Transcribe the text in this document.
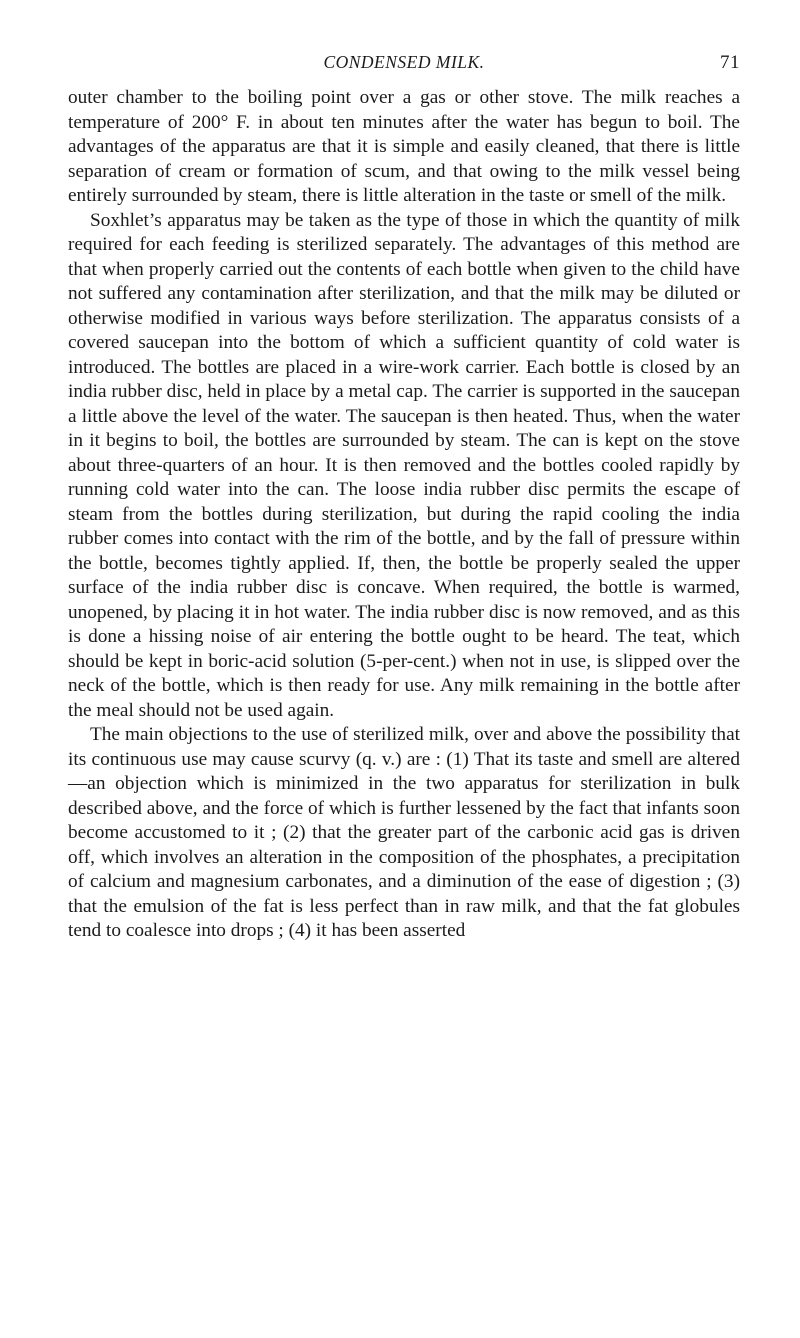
CONDENSED MILK.	71

outer chamber to the boiling point over a gas or other stove. The milk reaches a temperature of 200° F. in about ten minutes after the water has begun to boil. The advantages of the apparatus are that it is simple and easily cleaned, that there is little separation of cream or formation of scum, and that owing to the milk vessel being entirely surrounded by steam, there is little alteration in the taste or smell of the milk.

Soxhlet’s apparatus may be taken as the type of those in which the quantity of milk required for each feeding is sterilized separately. The advantages of this method are that when properly carried out the contents of each bottle when given to the child have not suffered any contamination after sterilization, and that the milk may be diluted or otherwise modified in various ways before sterilization. The apparatus consists of a covered saucepan into the bottom of which a sufficient quantity of cold water is introduced. The bottles are placed in a wire-work carrier. Each bottle is closed by an india rubber disc, held in place by a metal cap. The carrier is supported in the saucepan a little above the level of the water. The saucepan is then heated. Thus, when the water in it begins to boil, the bottles are surrounded by steam. The can is kept on the stove about three-quarters of an hour. It is then removed and the bottles cooled rapidly by running cold water into the can. The loose india rubber disc permits the escape of steam from the bottles during sterilization, but during the rapid cooling the india rubber comes into contact with the rim of the bottle, and by the fall of pressure within the bottle, becomes tightly applied. If, then, the bottle be properly sealed the upper surface of the india rubber disc is concave. When required, the bottle is warmed, unopened, by placing it in hot water. The india rubber disc is now removed, and as this is done a hissing noise of air entering the bottle ought to be heard. The teat, which should be kept in boric-acid solution (5-per-cent.) when not in use, is slipped over the neck of the bottle, which is then ready for use. Any milk remaining in the bottle after the meal should not be used again.

The main objections to the use of sterilized milk, over and above the possibility that its continuous use may cause scurvy (q. v.) are : (1) That its taste and smell are altered—an objection which is minimized in the two apparatus for sterilization in bulk described above, and the force of which is further lessened by the fact that infants soon become accustomed to it ; (2) that the greater part of the carbonic acid gas is driven off, which involves an alteration in the composition of the phosphates, a precipitation of calcium and magnesium carbonates, and a diminution of the ease of digestion ; (3) that the emulsion of the fat is less perfect than in raw milk, and that the fat globules tend to coalesce into drops ; (4) it has been asserted
